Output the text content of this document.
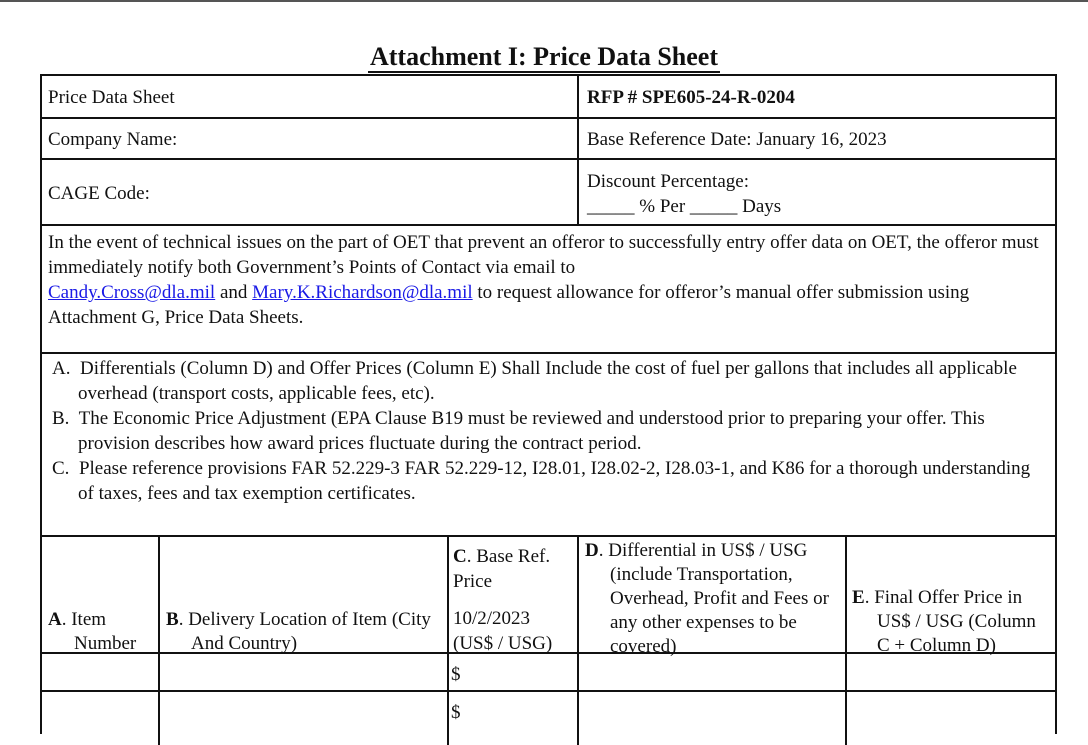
Attachment I: Price Data Sheet
Price Data Sheet	RFP # SPE605-24-R-0204
Company Name:	Base Reference Date: January 16, 2023
CAGE Code:
Discount Percentage:
_____ % Per _____ Days
In the event of technical issues on the part of OET that prevent an offeror to successfully entry offer data on OET, the offeror must immediately notify both Government’s Points of Contact via email to
Candy.Cross@dla.mil and Mary.K.Richardson@dla.mil to request allowance for offeror’s manual offer submission using Attachment G, Price Data Sheets.
A. Differentials (Column D) and Offer Prices (Column E) Shall Include the cost of fuel per gallons that includes all applicable overhead (transport costs, applicable fees, etc).
B. The Economic Price Adjustment (EPA Clause B19 must be reviewed and understood prior to preparing your offer. This provision describes how award prices fluctuate during the contract period.
C. Please reference provisions FAR 52.229-3 FAR 52.229-12, I28.01, I28.02-2, I28.03-1, and K86 for a thorough understanding of taxes, fees and tax exemption certificates.
A. Item Number
B. Delivery Location of Item (City And Country)
C. Base Ref. Price
10/2/2023
(US$ / USG)
D. Differential in US$ / USG (include Transportation, Overhead, Profit and Fees or any other expenses to be covered)
E. Final Offer Price in US$ / USG (Column C + Column D)
$
$
